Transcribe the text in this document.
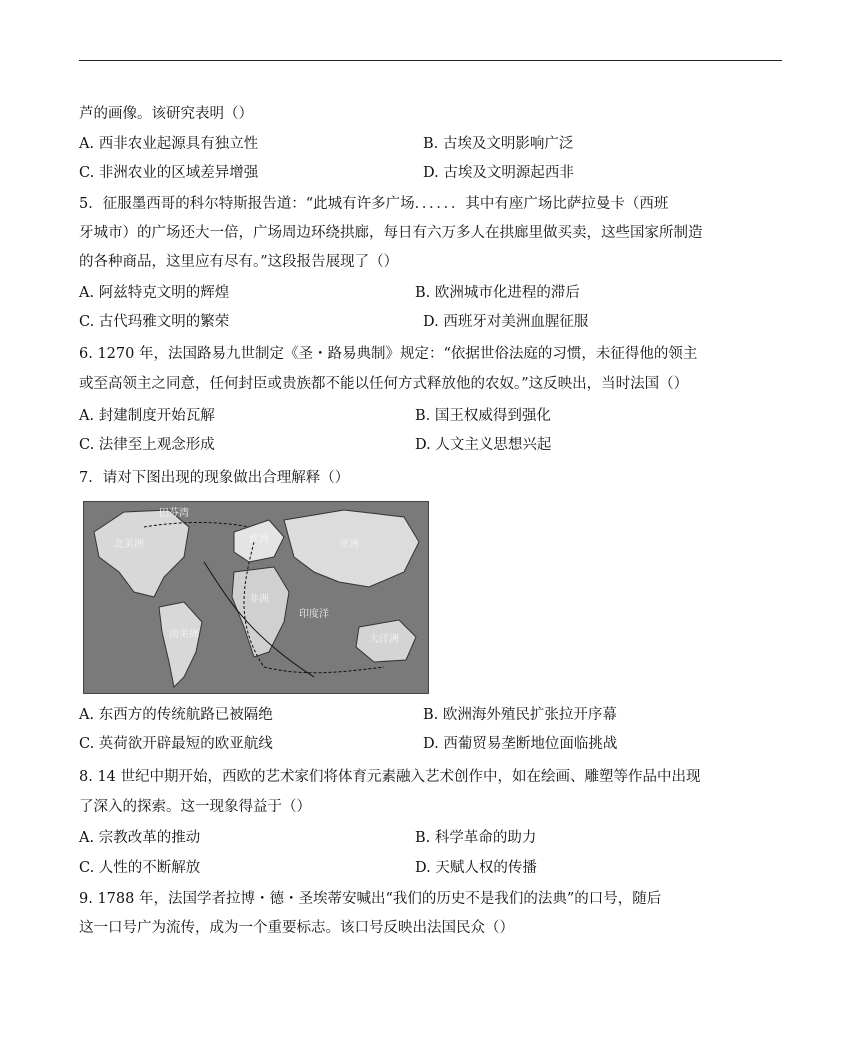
芦的画像。该研究表明（）
A. 西非农业起源具有独立性	B. 古埃及文明影响广泛
C. 非洲农业的区域差异增强	D. 古埃及文明源起西非
5．征服墨西哥的科尔特斯报告道：“此城有许多广场．．．．．．其中有座广场比萨拉曼卡（西班
牙城市）的广场还大一倍，广场周边环绕拱廊，每日有六万多人在拱廊里做买卖，这些国家所制造
的各种商品，这里应有尽有。”这段报告展现了（）
A. 阿兹特克文明的辉煌	B. 欧洲城市化进程的滞后
C. 古代玛雅文明的繁荣	D. 西班牙对美洲血腥征服
6. 1270 年，法国路易九世制定《圣・路易典制》规定：“依据世俗法庭的习惯，未征得他的领主
或至高领主之同意，任何封臣或贵族都不能以任何方式释放他的农奴。”这反映出，当时法国（）
A. 封建制度开始瓦解	B. 国王权威得到强化
C. 法律至上观念形成	D. 人文主义思想兴起
7．请对下图出现的现象做出合理解释（）
巴芬湾
北美洲	欧洲	亚洲
非洲
南美洲	大洋洲
印度洋
A. 东西方的传统航路已被隔绝	B. 欧洲海外殖民扩张拉开序幕
C. 英荷欲开辟最短的欧亚航线	D. 西葡贸易垄断地位面临挑战
8. 14 世纪中期开始，西欧的艺术家们将体育元素融入艺术创作中，如在绘画、雕塑等作品中出现
了深入的探索。这一现象得益于（）
A. 宗教改革的推动	B. 科学革命的助力
C. 人性的不断解放	D. 天赋人权的传播
9. 1788 年，法国学者拉博・德・圣埃蒂安喊出“我们的历史不是我们的法典”的口号，随后
这一口号广为流传，成为一个重要标志。该口号反映出法国民众（）
